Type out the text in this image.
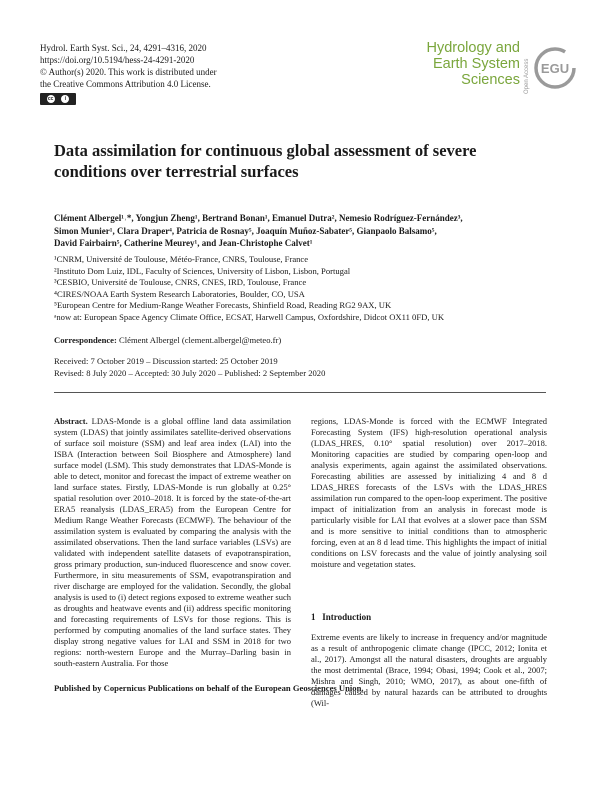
Hydrol. Earth Syst. Sci., 24, 4291–4316, 2020
https://doi.org/10.5194/hess-24-4291-2020
© Author(s) 2020. This work is distributed under
the Creative Commons Attribution 4.0 License.
cc	i
Hydrology and
Earth System
Sciences Open Access EGU
Data assimilation for continuous global assessment of severe conditions over terrestrial surfaces
Clément Albergel¹˒*, Yongjun Zheng¹, Bertrand Bonan¹, Emanuel Dutra², Nemesio Rodríguez-Fernández³,
Simon Munier¹, Clara Draper⁴, Patricia de Rosnay⁵, Joaquín Muñoz-Sabater⁵, Gianpaolo Balsamo⁵,
David Fairbairn⁵, Catherine Meurey¹, and Jean-Christophe Calvet¹
¹CNRM, Université de Toulouse, Météo-France, CNRS, Toulouse, France
²Instituto Dom Luiz, IDL, Faculty of Sciences, University of Lisbon, Lisbon, Portugal
³CESBIO, Université de Toulouse, CNRS, CNES, IRD, Toulouse, France
⁴CIRES/NOAA Earth System Research Laboratories, Boulder, CO, USA
⁵European Centre for Medium-Range Weather Forecasts, Shinfield Road, Reading RG2 9AX, UK
ᵃnow at: European Space Agency Climate Office, ECSAT, Harwell Campus, Oxfordshire, Didcot OX11 0FD, UK
Correspondence: Clément Albergel (clement.albergel@meteo.fr)
Received: 7 October 2019 – Discussion started: 25 October 2019
Revised: 8 July 2020 – Accepted: 30 July 2020 – Published: 2 September 2020

Abstract. LDAS-Monde is a global offline land data assimilation system (LDAS) that jointly assimilates satellite-derived observations of surface soil moisture (SSM) and leaf area index (LAI) into the ISBA (Interaction between Soil Biosphere and Atmosphere) land surface model (LSM). This study demonstrates that LDAS-Monde is able to detect, monitor and forecast the impact of extreme weather on land surface states. Firstly, LDAS-Monde is run globally at 0.25° spatial resolution over 2010–2018. It is forced by the state-of-the-art ERA5 reanalysis (LDAS_ERA5) from the European Centre for Medium Range Weather Forecasts (ECMWF). The behaviour of the assimilation system is evaluated by comparing the analysis with the assimilated observations. Then the land surface variables (LSVs) are validated with independent satellite datasets of evapotranspiration, gross primary production, sun-induced fluorescence and snow cover. Furthermore, in situ measurements of SSM, evapotranspiration and river discharge are employed for the validation. Secondly, the global analysis is used to (i) detect regions exposed to extreme weather such as droughts and heatwave events and (ii) address specific monitoring and forecasting requirements of LSVs for those regions. This is performed by computing anomalies of the land surface states. They display strong negative values for LAI and SSM in 2018 for two regions: north-western Europe and the Murray–Darling basin in south-eastern Australia. For those

regions, LDAS-Monde is forced with the ECMWF Integrated Forecasting System (IFS) high-resolution operational analysis (LDAS_HRES, 0.10° spatial resolution) over 2017–2018. Monitoring capacities are studied by comparing open-loop and analysis experiments, again against the assimilated observations. Forecasting abilities are assessed by initializing 4 and 8 d LDAS_HRES forecasts of the LSVs with the LDAS_HRES assimilation run compared to the open-loop experiment. The positive impact of initialization from an analysis in forecast mode is particularly visible for LAI that evolves at a slower pace than SSM and is more sensitive to initial conditions than to atmospheric forcing, even at an 8 d lead time. This highlights the impact of initial conditions on LSV forecasts and the value of jointly analysing soil moisture and vegetation states.

1   Introduction

Extreme events are likely to increase in frequency and/or magnitude as a result of anthropogenic climate change (IPCC, 2012; Ionita et al., 2017). Amongst all the natural disasters, droughts are arguably the most detrimental (Brace, 1994; Obasi, 1994; Cook et al., 2007; Mishra and Singh, 2010; WMO, 2017), as about one-fifth of damages caused by natural hazards can be attributed to droughts (Wil-

Published by Copernicus Publications on behalf of the European Geosciences Union.
